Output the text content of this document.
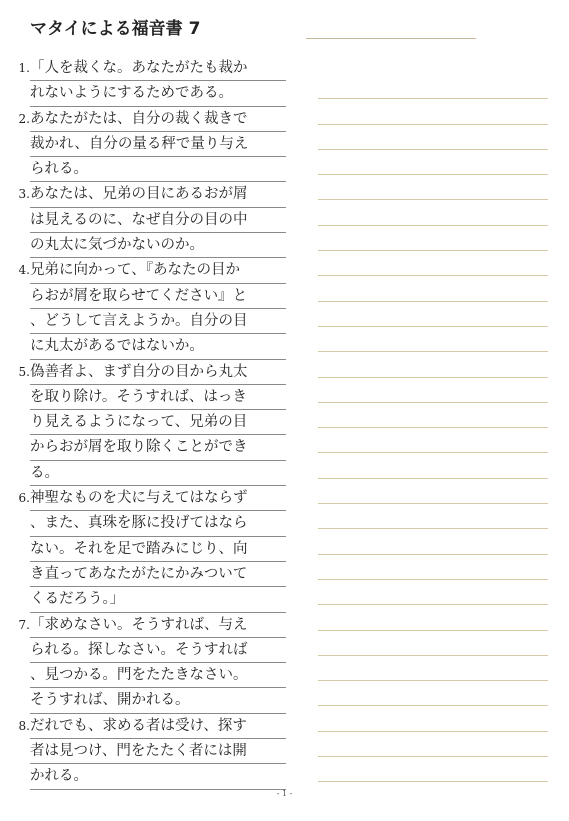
マタイによる福音書 7
1. 「人を裁くな。あなたがたも裁か
れないようにするためである。
2. あなたがたは、自分の裁く裁きで
裁かれ、自分の量る秤で量り与え
られる。
3. あなたは、兄弟の目にあるおが屑
は見えるのに、なぜ自分の目の中
の丸太に気づかないのか。
4. 兄弟に向かって、『あなたの目か
らおが屑を取らせてください』と
、どうして言えようか。自分の目
に丸太があるではないか。
5. 偽善者よ、まず自分の目から丸太
を取り除け。そうすれば、はっき
り見えるようになって、兄弟の目
からおが屑を取り除くことができ
る。
6. 神聖なものを犬に与えてはならず
、また、真珠を豚に投げてはなら
ない。それを足で踏みにじり、向
き直ってあなたがたにかみついて
くるだろう。」
7. 「求めなさい。そうすれば、与え
られる。探しなさい。そうすれば
、見つかる。門をたたきなさい。
そうすれば、開かれる。
8. だれでも、求める者は受け、探す
者は見つけ、門をたたく者には開
かれる。
- 1 -
